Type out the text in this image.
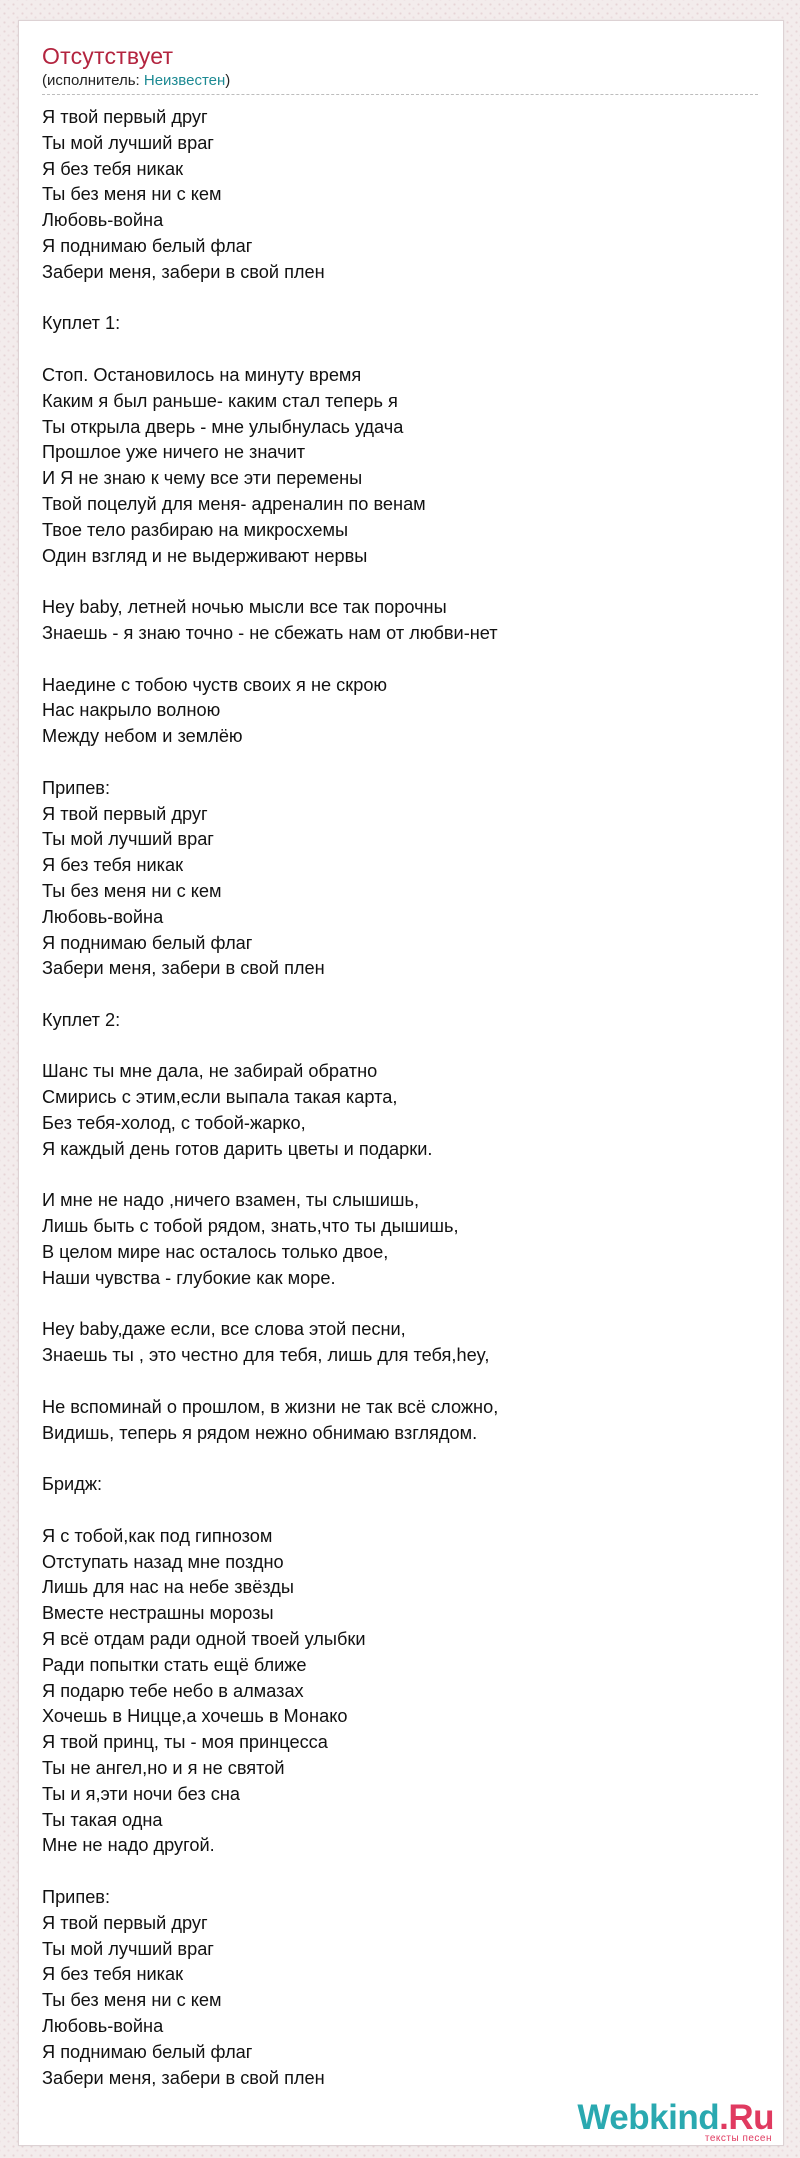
Отсутствует
(исполнитель: Неизвестен)
Я твой первый друг
Ты мой лучший враг
Я без тебя никак
Ты без меня ни с кем
Любовь-война
Я поднимаю белый флаг
Забери меня, забери в свой плен
Куплет 1:
Стоп. Остановилось на минуту время
Каким я был раньше- каким стал теперь я
Ты открыла дверь - мне улыбнулась удача
Прошлое уже ничего не значит
И Я не знаю к чему все эти перемены
Твой поцелуй для меня- адреналин по венам
Твое тело разбираю на микросхемы
Один взгляд и не выдерживают нервы
Hey baby, летней ночью мысли все так порочны
Знаешь - я знаю точно - не сбежать нам от любви-нет
Наедине с тобою чуств своих я не скрою
Нас накрыло волною
Между небом и землёю
Припев:
Я твой первый друг
Ты мой лучший враг
Я без тебя никак
Ты без меня ни с кем
Любовь-война
Я поднимаю белый флаг
Забери меня, забери в свой плен
Куплет 2:
Шанс ты мне дала, не забирай обратно
Смирись с этим,если выпала такая карта,
Без тебя-холод, с тобой-жарко,
Я каждый день готов дарить цветы и подарки.
И мне не надо ,ничего взамен, ты слышишь,
Лишь быть с тобой рядом, знать,что ты дышишь,
В целом мире нас осталось только двое,
Наши чувства - глубокие как море.
Hey baby,даже если, все слова этой песни,
Знаешь ты , это честно для тебя, лишь для тебя,hey,
Не вспоминай о прошлом, в жизни не так всё сложно,
Видишь, теперь я рядом нежно обнимаю взглядом.
Бридж:
Я с тобой,как под гипнозом
Отступать назад мне поздно
Лишь для нас на небе звёзды
Вместе нестрашны морозы
Я всё отдам ради одной твоей улыбки
Ради попытки стать ещё ближе
Я подарю тебе небо в алмазах
Хочешь в Ниццe,а хочешь в Монако
Я твой принц, ты - моя принцесса
Ты не ангел,но и я не святой
Ты и я,эти ночи без сна
Ты такая одна
Мне не надо другой.
Припев:
Я твой первый друг
Ты мой лучший враг
Я без тебя никак
Ты без меня ни с кем
Любовь-война
Я поднимаю белый флаг
Забери меня, забери в свой плен
Webkind.Ru
тексты песен
